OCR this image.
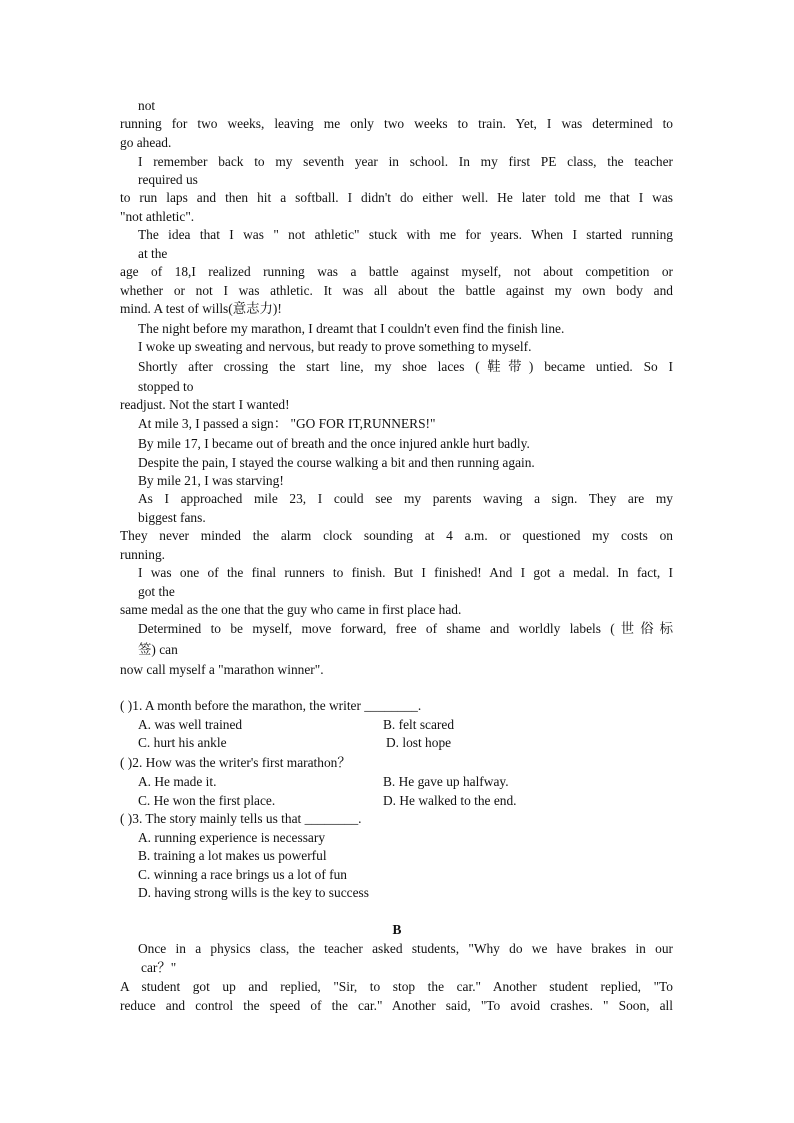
not
running for two weeks, leaving me only two weeks to train. Yet, I was determined to
go ahead.
I remember back to my seventh year in school. In my first PE class, the teacher
required us
to run laps and then hit a softball. I didn't do either well. He later told me that I was
"not athletic".
The idea that I was " not athletic" stuck with me for years. When I started running
at the
age of 18,I realized running was a battle against myself, not about competition or
whether or not I was athletic. It was all about the battle against my own body and
mind. A test of wills(意志力)!
The night before my marathon, I dreamt that I couldn't even find the finish line.
I woke up sweating and nervous, but ready to prove something to myself.
Shortly after crossing the start line, my shoe laces (鞋带) became untied. So I
stopped to
readjust. Not the start I wanted!
At mile 3, I passed a sign： "GO FOR IT,RUNNERS!"
By mile 17, I became out of breath and the once injured ankle hurt badly.
Despite the pain, I stayed the course walking a bit and then running again.
By mile 21, I was starving!
As I approached mile 23, I could see my parents waving a sign. They are my
biggest fans.
They never minded the alarm clock sounding at 4 a.m. or questioned my costs on
running.
I was one of the final runners to finish. But I finished! And I got a medal. In fact, I
got the
same medal as the one that the guy who came in first place had.
Determined to be myself, move forward, free of shame and worldly labels (世俗标
签) can
now call myself a "marathon winner".
( )1. A month before the marathon, the writer ________.
A. was well trained	B. felt scared
C. hurt his ankle	D. lost hope
( )2. How was the writer's first marathon？
A. He made it.	B. He gave up halfway.
C. He won the first place.	D. He walked to the end.
( )3. The story mainly tells us that ________.
A. running experience is necessary
B. training a lot makes us powerful
C. winning a race brings us a lot of fun
D. having strong wills is the key to success
B
Once in a physics class, the teacher asked students, "Why do we have brakes in our
car？"
A student got up and replied, "Sir, to stop the car." Another student replied, "To
reduce and control the speed of the car." Another said, "To avoid crashes. " Soon, all
